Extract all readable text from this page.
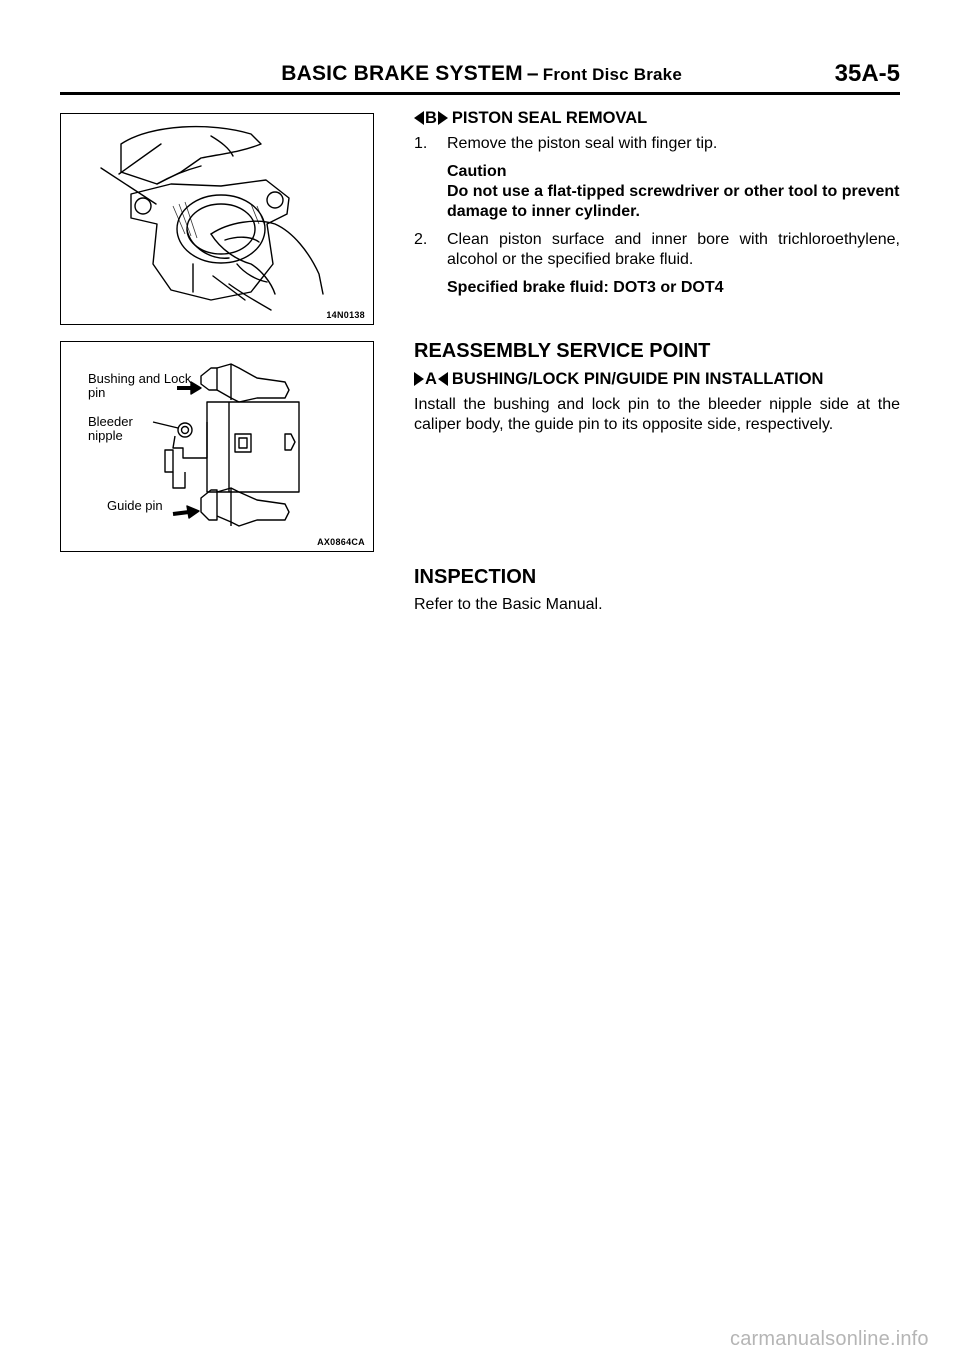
BASIC BRAKE SYSTEM – Front Disc Brake	35A-5
14N0138
Bushing and Lock pin
Bleeder nipple
Guide pin
AX0864CA
B PISTON SEAL REMOVAL
1.	Remove the piston seal with finger tip.
Caution
Do not use a flat-tipped screwdriver or other tool to prevent damage to inner cylinder.
2.	Clean piston surface and inner bore with trichloroethylene, alcohol or the specified brake fluid.
Specified brake fluid: DOT3 or DOT4
REASSEMBLY SERVICE POINT
A BUSHING/LOCK PIN/GUIDE PIN INSTALLATION
Install the bushing and lock pin to the bleeder nipple side at the caliper body, the guide pin to its opposite side, respectively.
INSPECTION
Refer to the Basic Manual.
carmanualsonline.info
